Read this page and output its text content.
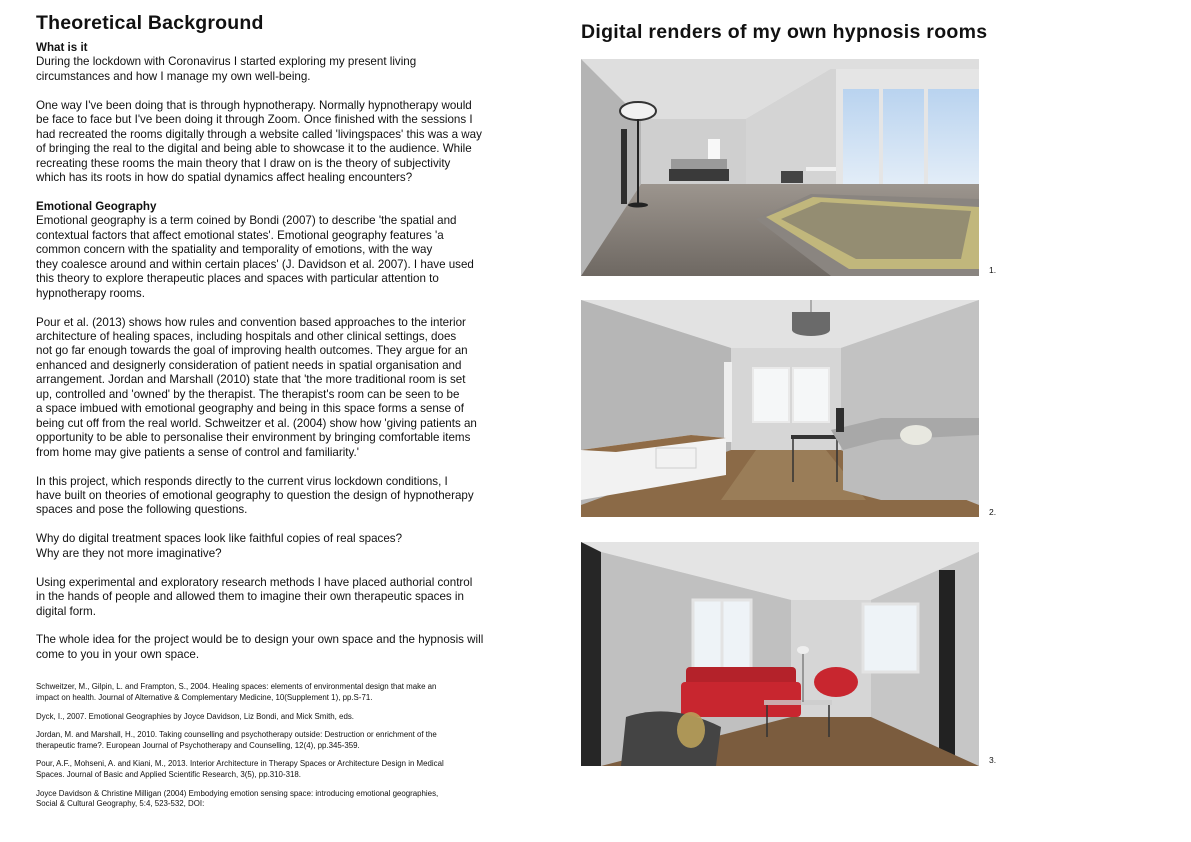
Theoretical Background
What is it
During the lockdown with Coronavirus I started exploring my present living
circumstances and how I manage my own well-being.
One way I've been doing that is through hypnotherapy. Normally hypnotherapy would
be face to face but I've been doing it through Zoom. Once finished with the sessions I
had recreated the rooms digitally through a website called 'livingspaces' this was a way
of bringing the real to the digital and being able to showcase it to the audience. While
recreating these rooms the main theory that I draw on is the theory of subjectivity
which has its roots in how do spatial dynamics affect healing encounters?
Emotional Geography
Emotional geography is a term coined by Bondi (2007) to describe 'the spatial and
contextual factors that affect emotional states'. Emotional geography features 'a
common concern with the spatiality and temporality of emotions, with the way
they coalesce around and within certain places' (J. Davidson et al. 2007). I have used
this theory to explore therapeutic places and spaces with particular attention to
hypnotherapy rooms.
Pour et al. (2013) shows how rules and convention based approaches to the interior
architecture of healing spaces, including hospitals and other clinical settings, does
not go far enough towards the goal of improving health outcomes. They argue for an
enhanced and designerly consideration of patient needs in spatial organisation and
arrangement. Jordan and Marshall (2010) state that 'the more traditional room is set
up, controlled and 'owned' by the therapist. The therapist's room can be seen to be
a space imbued with emotional geography and being in this space forms a sense of
being cut off from the real world. Schweitzer et al. (2004) show how 'giving patients an
opportunity to be able to personalise their environment by bringing comfortable items
from home may give patients a sense of control and familiarity.'
In this project, which responds directly to the current virus lockdown conditions, I
have built on theories of emotional geography to question the design of hypnotherapy
spaces and pose the following questions.
Why do digital treatment spaces look like faithful copies of real spaces?
Why are they not more imaginative?
Using experimental and exploratory research methods I have placed authorial control
in the hands of people and allowed them to imagine their own therapeutic spaces in
digital form.
The whole idea for the project would be to design your own space and the hypnosis will
come to you in your own space.
Schweitzer, M., Gilpin, L. and Frampton, S., 2004. Healing spaces: elements of environmental design that make an
impact on health. Journal of Alternative & Complementary Medicine, 10(Supplement 1), pp.S-71.
Dyck, I., 2007. Emotional Geographies by Joyce Davidson, Liz Bondi, and Mick Smith, eds.
Jordan, M. and Marshall, H., 2010. Taking counselling and psychotherapy outside: Destruction or enrichment of the
therapeutic frame?. European Journal of Psychotherapy and Counselling, 12(4), pp.345-359.
Pour, A.F., Mohseni, A. and Kiani, M., 2013. Interior Architecture in Therapy Spaces or Architecture Design in Medical
Spaces. Journal of Basic and Applied Scientific Research, 3(5), pp.310-318.
Joyce Davidson & Christine Milligan (2004) Embodying emotion sensing space: introducing emotional geographies,
Social & Cultural Geography, 5:4, 523-532, DOI:
Digital renders of my own hypnosis rooms
1.
2.
3.
